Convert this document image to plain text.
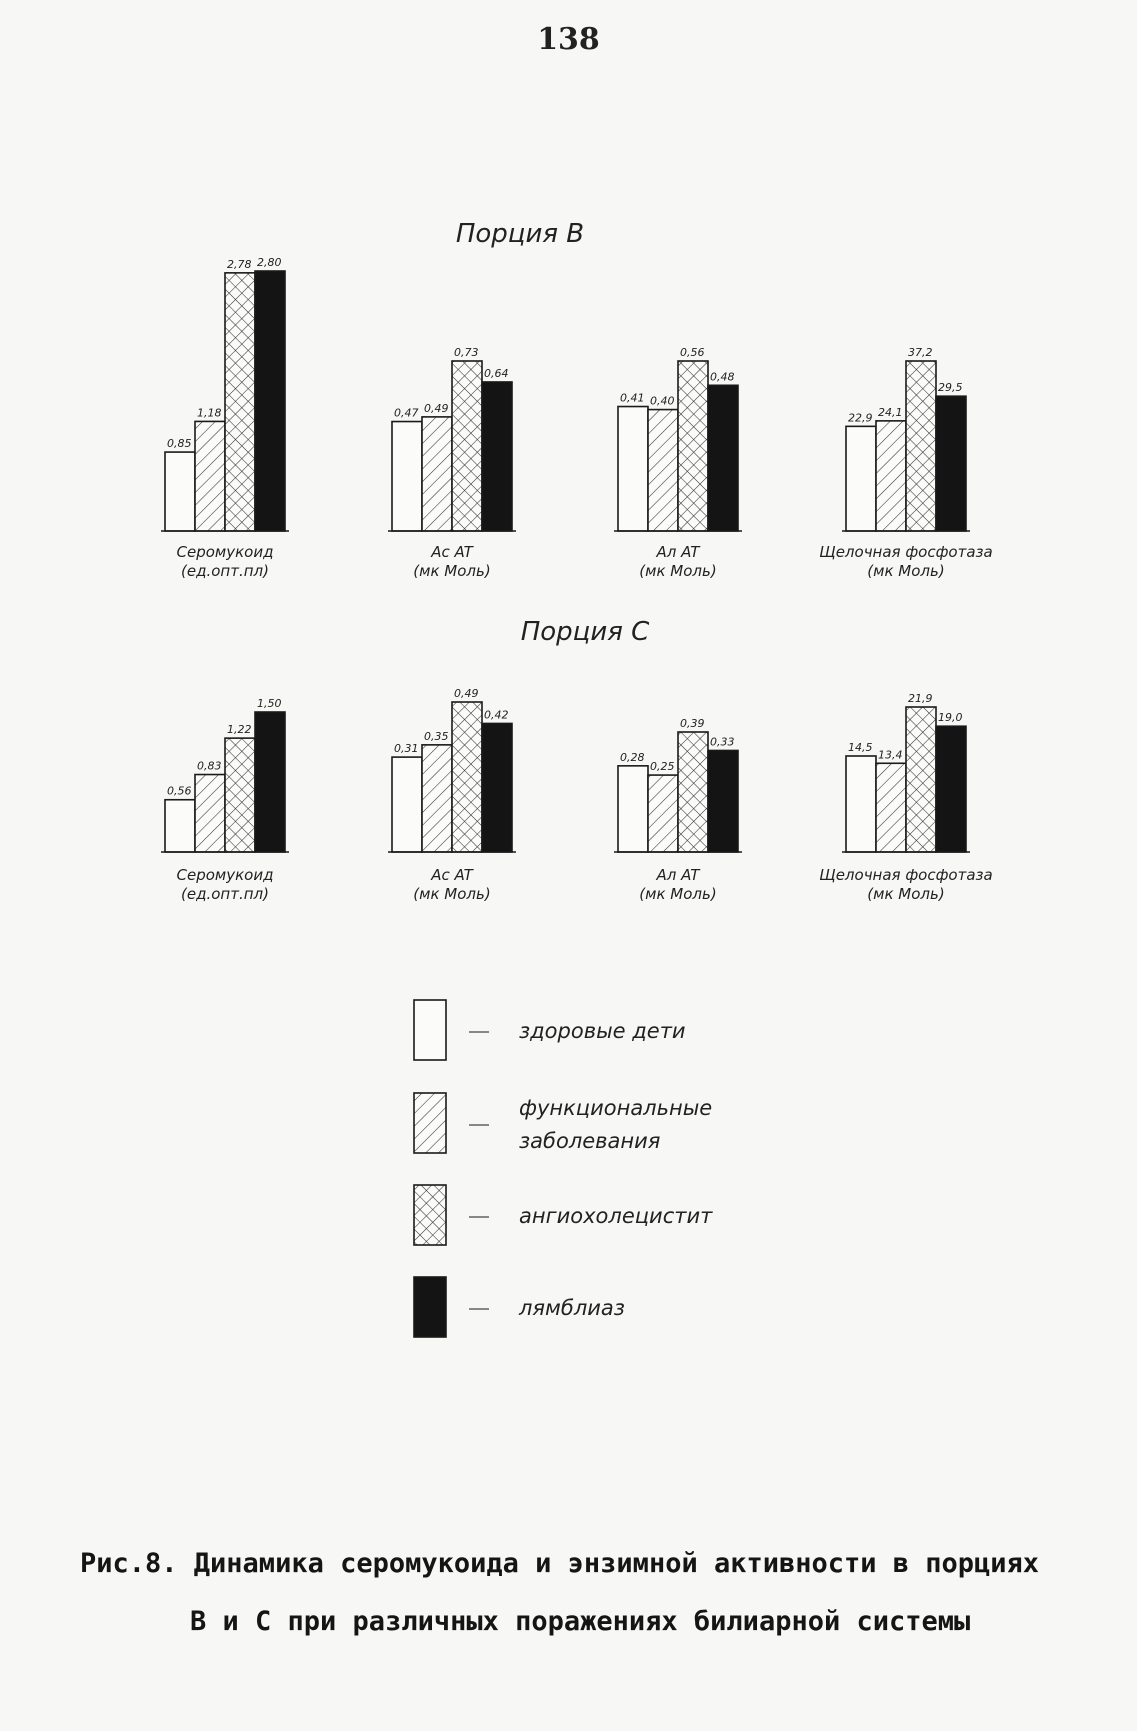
138
Порция В
0,85
1,18
2,78 2,80
Серомукоид
(ед.опт.пл)
0,47 0,49
0,73
0,64
Ac AT
(мк Моль)
0,41 0,40
0,56
0,48
Ал AT
(мк Моль)
22,9 24,1
37,2
29,5
Щелочная фосфотаза
(мк Моль)
Порция С
0,56
0,83
1,22
1,50
Серомукоид
(ед.опт.пл)
0,31
0,35
0,49
0,42
Ac AT
(мк Моль)
0,28
0,25
0,39
0,33
Ал AT
(мк Моль)
14,5
13,4
21,9
19,0
Щелочная фосфотаза
(мк Моль)
здоровые дети
функциональные
заболевания
ангиохолецистит
лямблиаз
Рис.8. Динамика серомукоида и энзимной активности в порциях
В и С при различных поражениях билиарной системы
